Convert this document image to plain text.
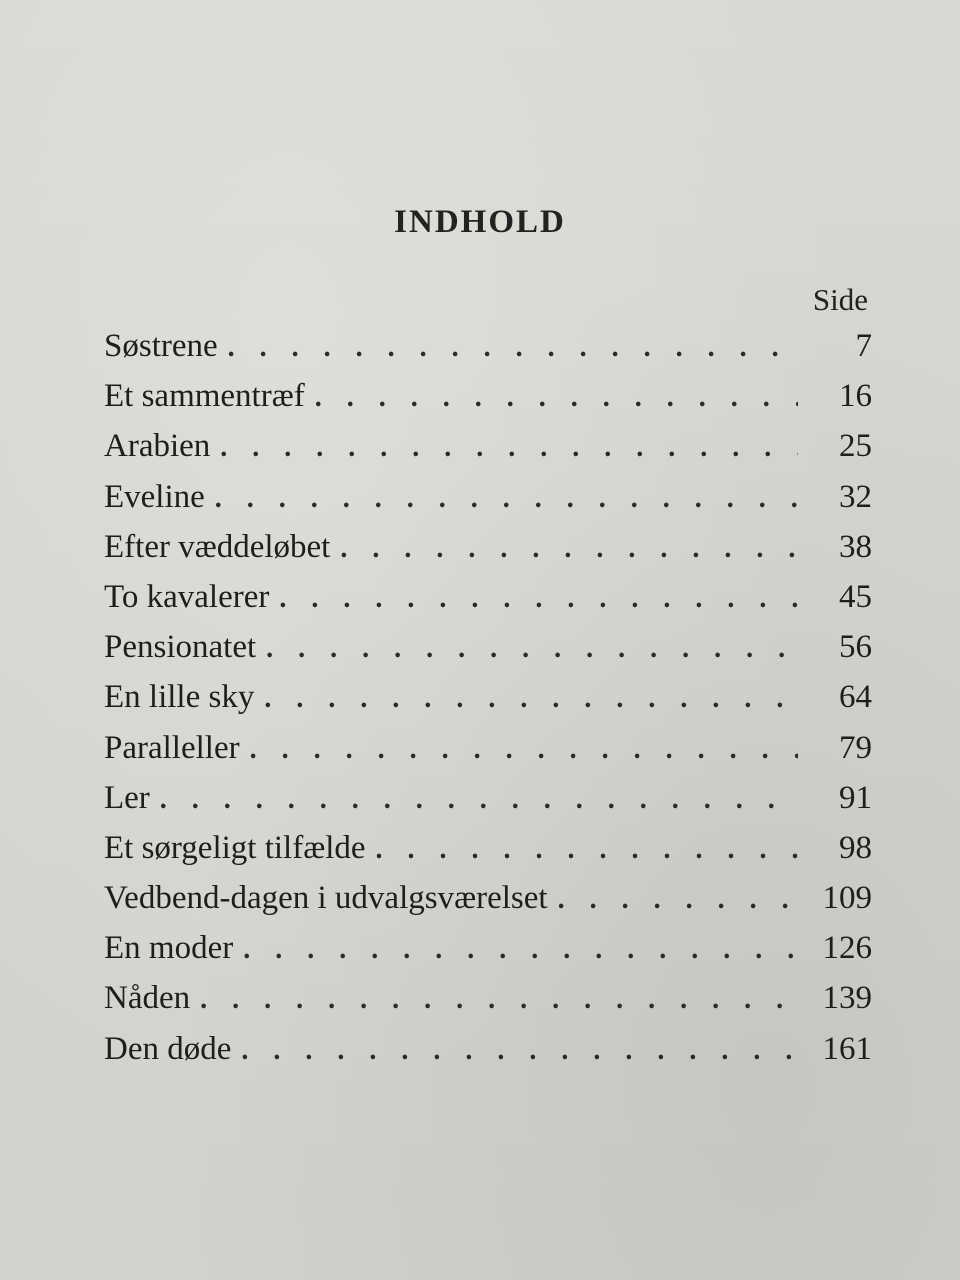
INDHOLD
Side
Søstrene . . .	7
Et sammentræf . . .	16
Arabien . . .	25
Eveline . . .	32
Efter væddeløbet . . .	38
To kavalerer . . .	45
Pensionatet . . .	56
En lille sky . . .	64
Paralleller . . .	79
Ler . . .	91
Et sørgeligt tilfælde . . .	98
Vedbend-dagen i udvalgsværelset . . .	109
En moder . . .	126
Nåden . . .	139
Den døde . . .	161
